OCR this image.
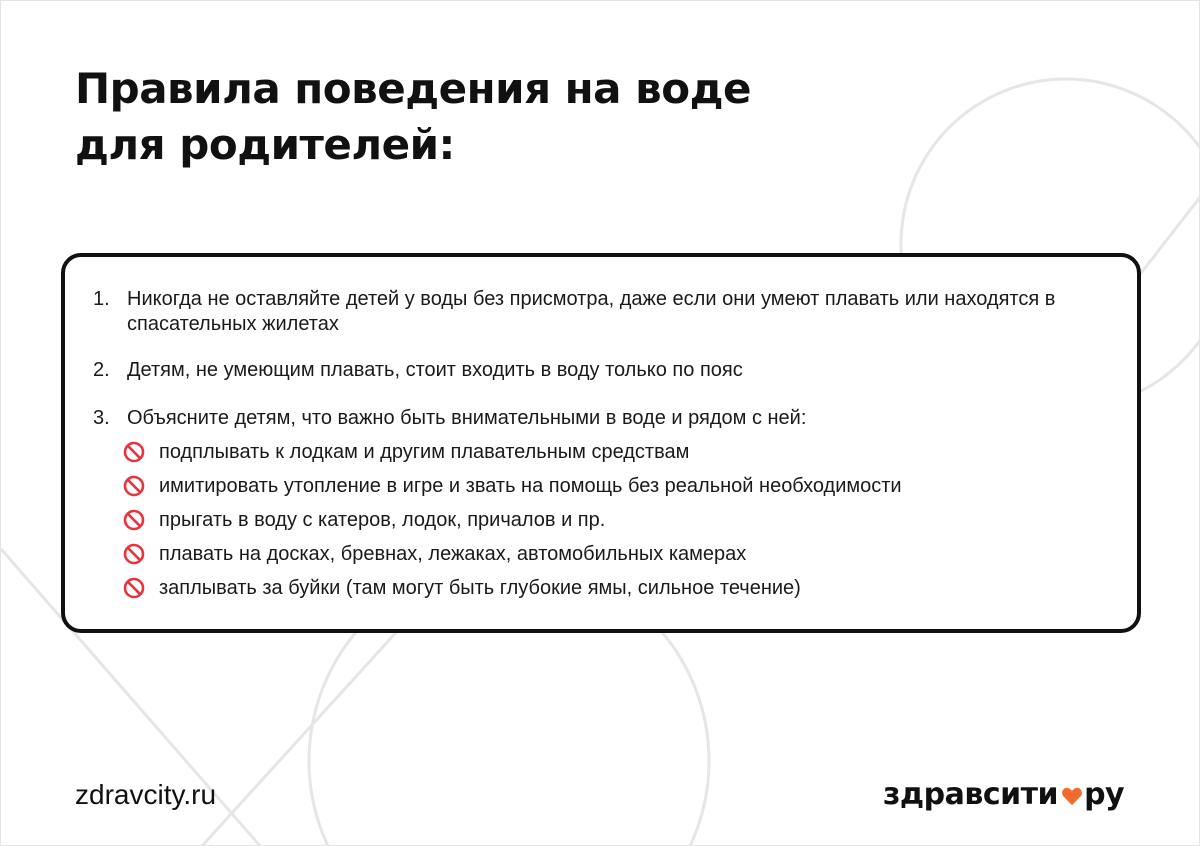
Правила поведения на воде
для родителей:
1. Никогда не оставляйте детей у воды без присмотра, даже если они умеют плавать или находятся в спасательных жилетах
2. Детям, не умеющим плавать, стоит входить в воду только по пояс
3. Объясните детям, что важно быть внимательными в воде и рядом с ней:
подплывать к лодкам и другим плавательным средствам
имитировать утопление в игре и звать на помощь без реальной необходимости
прыгать в воду с катеров, лодок, причалов и пр.
плавать на досках, бревнах, лежаках, автомобильных камерах
заплывать за буйки (там могут быть глубокие ямы, сильное течение)
zdravcity.ru	здравсити ру
